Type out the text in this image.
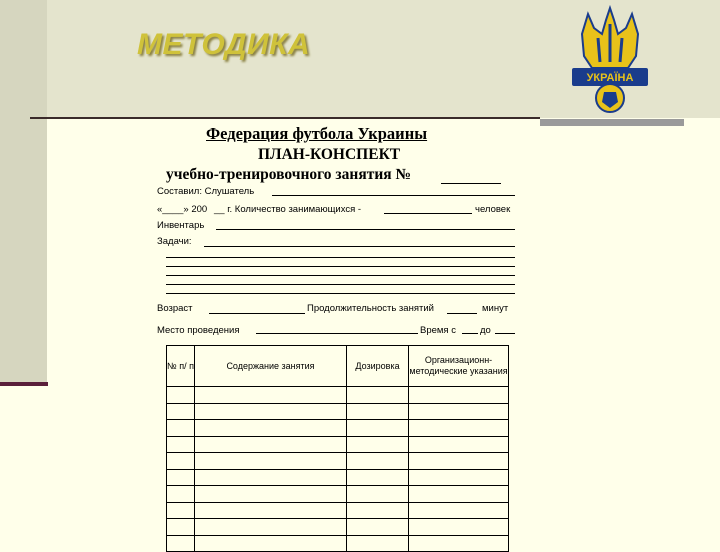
МЕТОДИКА
УКРАЇНА
Федерация футбола Украины
ПЛАН-КОНСПЕКТ
учебно-тренировочного занятия №
Составил: Слушатель
«____» 200 __ г. Количество занимающихся -	человек
Инвентарь
Задачи:
Возраст	Продолжительность занятий	минут
Место проведения	Время с	до
№ п/ п	Содержание занятия	Дозировка	Организационн-методические указания
